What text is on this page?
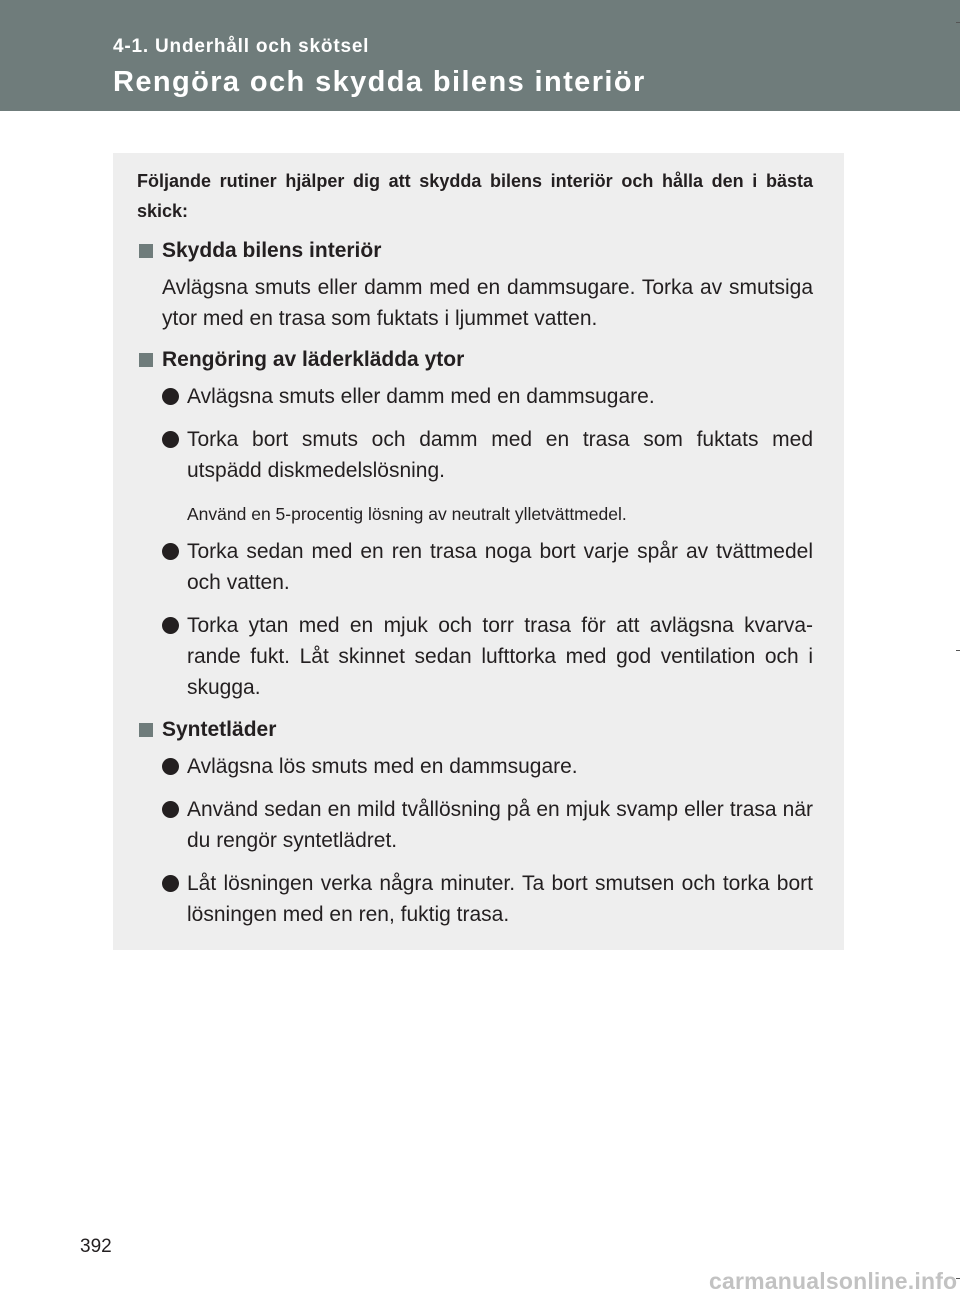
4-1. Underhåll och skötsel
Rengöra och skydda bilens interiör
Följande rutiner hjälper dig att skydda bilens interiör och hålla den i bästa skick:
Skydda bilens interiör
Avlägsna smuts eller damm med en dammsugare. Torka av smutsiga ytor med en trasa som fuktats i ljummet vatten.
Rengöring av läderklädda ytor
Avlägsna smuts eller damm med en dammsugare.
Torka bort smuts och damm med en trasa som fuktats med utspädd diskmedelslösning.
Använd en 5-procentig lösning av neutralt ylletvättmedel.
Torka sedan med en ren trasa noga bort varje spår av tvättmedel och vatten.
Torka ytan med en mjuk och torr trasa för att avlägsna kvarva-rande fukt. Låt skinnet sedan lufttorka med god ventilation och i skugga.
Syntetläder
Avlägsna lös smuts med en dammsugare.
Använd sedan en mild tvållösning på en mjuk svamp eller trasa när du rengör syntetlädret.
Låt lösningen verka några minuter. Ta bort smutsen och torka bort lösningen med en ren, fuktig trasa.
392
carmanualsonline.info
